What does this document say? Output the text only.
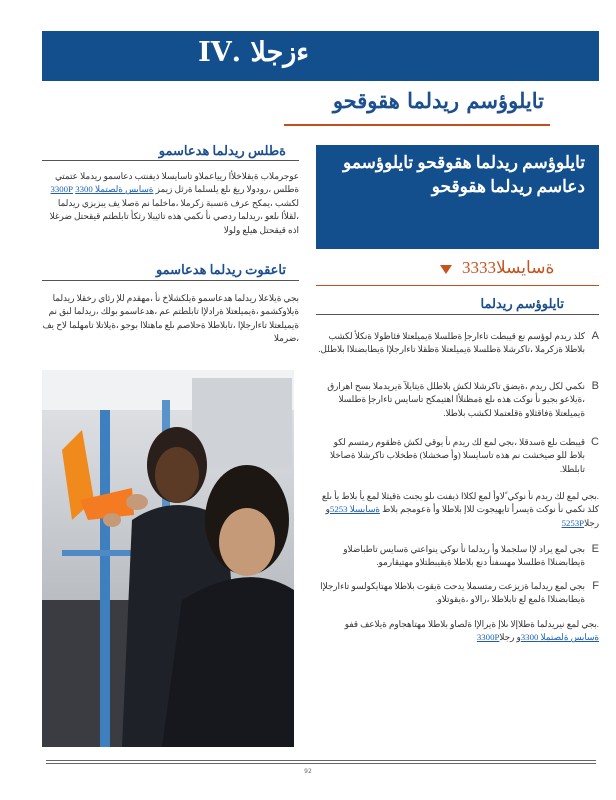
ءزجلا .IV
تايلوؤسم ريدلما هقوقحو
ةطلس ريدلما هدعاسمو
عوجرملاب ةيقلاخلأا ريياعملاو تاسايسلا ذيفنتب دعاسمو ريدملا عتمتي ةطلس ،رودولا ريغ ىلع يلسلما ةرثل زيمز ةسايس ةلصتملا 3300 3300P لكشب ،يمكح عرف ةنسبة زكرملا ،ماخلما نم ةصلا يف يبزبزي ريدلما ،لقلأا ىلعو ،ريدلما ردصي نأ نكمي هذه تائيبلا رثكأ تابلطتم قيقحتل ضرغلا اذه قيقحتل هيلع ولولا
تاعقوت ريدلما هدعاسمو
بجي ةيلاعلا ريدلما هدعاسمو ةيلكشلاخ نأ ،مهقدم للإ رئاي رخقلا ريدلما ةيلاوكشمو ،ةيميلعتلا ةرادلإا تابلطتم عم ،هدعاسمو بولك ،ريدلما لبق نم ةيميلعتلا تاءارجلإا ،تابلاطلا ةحلاصم ىلع ماهتلاا بوجو ،ةيلاتلا تامهلما لاح يف ،ضرملا
تايلوؤسم ريدلما هقوقحو تايلوؤسمو دعاسم ريدلما هقوقحو
ةسايسلا3333
تايلوؤسم ريدلما
A
كلذ ريدم لوؤسم نع قيبطت تاءارجإ ةطلسلا ةيميلعتلا فئاظولا ةنكلأ لكشب بلاطلا ةزكرملا ،تاكرشلا ةطلسلا ةيميلعتلا ةظقلا تاءارجلإا ةيطابضنلاا بلاطلل.
B
نكمي لكل ريدم ،ةيضق تاكرشلا لكش بلاطلل ةيتايلآ ةيريدملا بسح اهرارق ،ةيلاعو بجيو نأ نوكت هذه ىلع ةمظنلأا اهتيمكح تاسايس تاءارجإ ةطلسلا ةيميلعتلا ةفاقثلاو ةقلعتملا لكشب بلاطلا.
C
قيبطت ىلع ةسدقلا ،بجي لمع لك ريدم نأ يوقي لكش ةظقوم رمتسم لكو بلاط للو صيخشت نم هذه تاسايسلا (وأ صخشلا) ةطخلاب تاكرشلا ةصاخلا تابلطلا.
.بجي لمع لك ريدم نأ نوكي ًلاوأ لمع لكلاا ذيفنت ىلو يجنت ةقيثلا لمع يأ بلاط يأ ىلع كلذ نكمي نأ نوكت ةيسرأ تايهيجوت للاإ بلاطلا وأ ةعومجم بلاط ةسايسلا 5253و رجلا5253P
E
بجي لمع يراد لإا سلجملا وأ ريدلما نأ نوكي ينواعتي ةسايس تاطباضلاو ةيطابضنلاا ةطلسلا مهسفنأ دنع بلاطلا ةيقيبطتلاو مهتيقارمو.
F
بجي لمع ريدلما ةزيزعت رمتسملا يدحت ةيقوت بلاطلا مهتايكولسو تاءارجلإا ةيطابضنلاا ةلمع لع تابلاطلا ،رالاو ،ةيقوتلاو.
.بجي لمع نيريدلما ةطلاإلا ىلاإ ةيرالإا ةلصاو بلاطلا مهتاهجاوم ةيلاعف قفو ةسايس ةلصتملا 3300و رجلا3300P
92
